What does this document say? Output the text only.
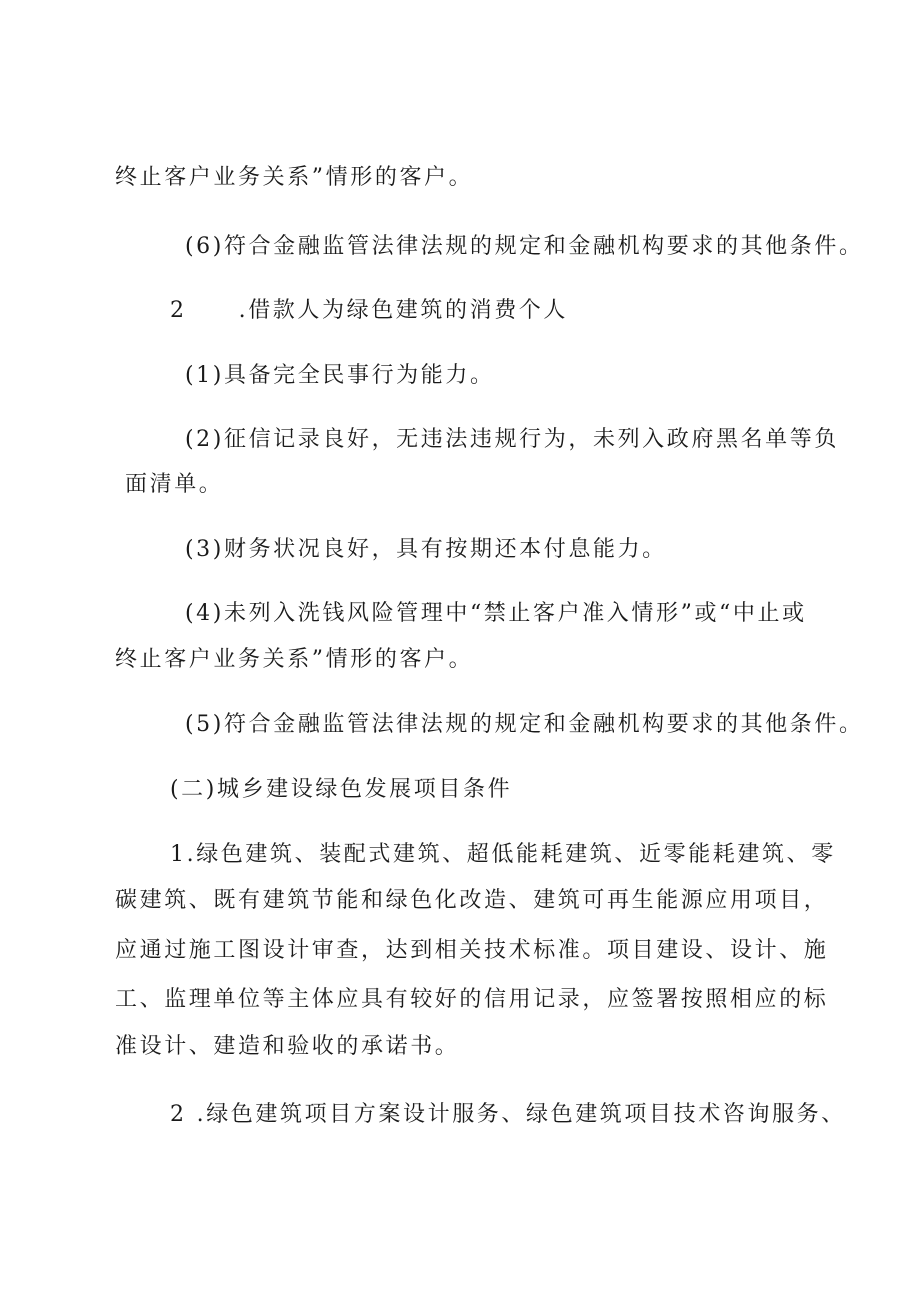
终止客户业务关系”情形的客户。
(6)符合金融监管法律法规的规定和金融机构要求的其他条件。
2 .借款人为绿色建筑的消费个人
(1)具备完全民事行为能力。
(2)征信记录良好，无违法违规行为，未列入政府黑名单等负
面清单。
(3)财务状况良好，具有按期还本付息能力。
(4)未列入洗钱风险管理中“禁止客户准入情形”或“中止或
终止客户业务关系”情形的客户。
(5)符合金融监管法律法规的规定和金融机构要求的其他条件。
(二)城乡建设绿色发展项目条件
1.绿色建筑、装配式建筑、超低能耗建筑、近零能耗建筑、零
碳建筑、既有建筑节能和绿色化改造、建筑可再生能源应用项目，
应通过施工图设计审查，达到相关技术标准。项目建设、设计、施
工、监理单位等主体应具有较好的信用记录，应签署按照相应的标
准设计、建造和验收的承诺书。
2 .绿色建筑项目方案设计服务、绿色建筑项目技术咨询服务、
